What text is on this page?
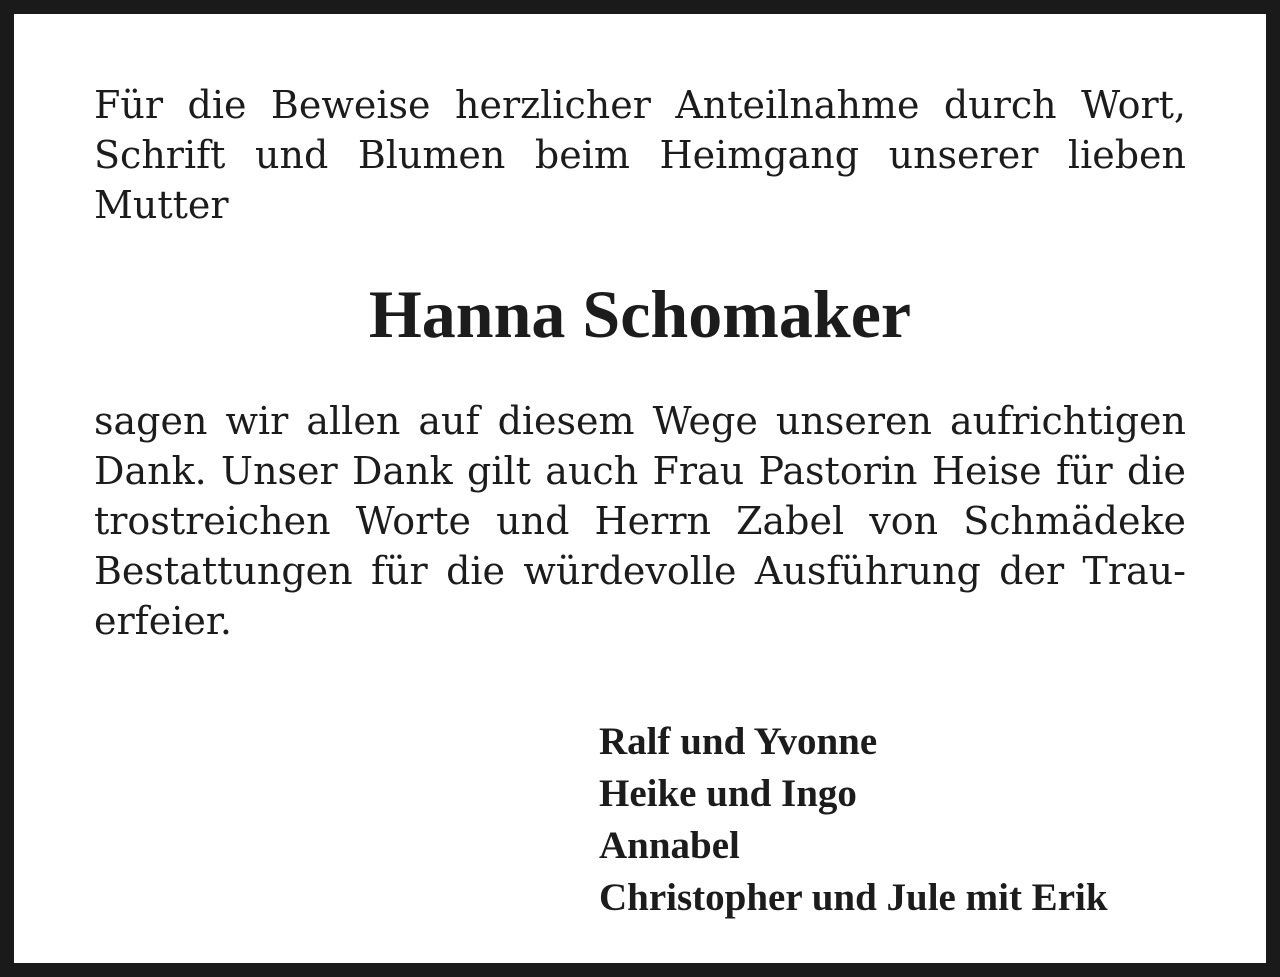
Für die Beweise herzlicher Anteilnahme durch Wort,
Schrift und Blumen beim Heimgang unserer lieben
Mutter

Hanna Schomaker

sagen wir allen auf diesem Wege unseren aufrichtigen
Dank. Unser Dank gilt auch Frau Pastorin Heise für die
trostreichen Worte und Herrn Zabel von Schmädeke
Bestattungen für die würdevolle Ausführung der Trau-
erfeier.

Ralf und Yvonne
Heike und Ingo
Annabel
Christopher und Jule mit Erik
